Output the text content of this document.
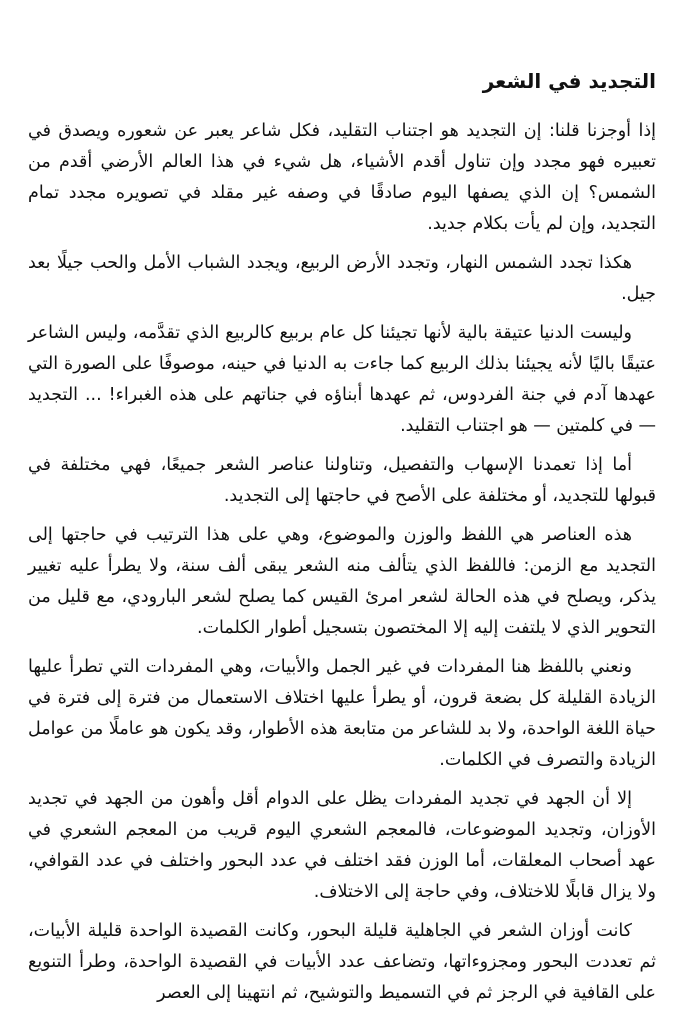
التجديد في الشعر

إذا أوجزنا قلنا: إن التجديد هو اجتناب التقليد، فكل شاعر يعبر عن شعوره ويصدق في تعبيره فهو مجدد وإن تناول أقدم الأشياء، هل شيء في هذا العالم الأرضي أقدم من الشمس؟ إن الذي يصفها اليوم صادقًا في وصفه غير مقلد في تصويره مجدد تمام التجديد، وإن لم يأت بكلام جديد.

هكذا تجدد الشمس النهار، وتجدد الأرض الربيع، ويجدد الشباب الأمل والحب جيلًا بعد جيل.

وليست الدنيا عتيقة بالية لأنها تجيئنا كل عام بربيع كالربيع الذي تقدَّمه، وليس الشاعر عتيقًا باليًا لأنه يجيئنا بذلك الربيع كما جاءت به الدنيا في حينه، موصوفًا على الصورة التي عهدها آدم في جنة الفردوس، ثم عهدها أبناؤه في جناتهم على هذه الغبراء! ... التجديد — في كلمتين — هو اجتناب التقليد.

أما إذا تعمدنا الإسهاب والتفصيل، وتناولنا عناصر الشعر جميعًا، فهي مختلفة في قبولها للتجديد، أو مختلفة على الأصح في حاجتها إلى التجديد.

هذه العناصر هي اللفظ والوزن والموضوع، وهي على هذا الترتيب في حاجتها إلى التجديد مع الزمن: فاللفظ الذي يتألف منه الشعر يبقى ألف سنة، ولا يطرأ عليه تغيير يذكر، ويصلح في هذه الحالة لشعر امرئ القيس كما يصلح لشعر البارودي، مع قليل من التحوير الذي لا يلتفت إليه إلا المختصون بتسجيل أطوار الكلمات.

ونعني باللفظ هنا المفردات في غير الجمل والأبيات، وهي المفردات التي تطرأ عليها الزيادة القليلة كل بضعة قرون، أو يطرأ عليها اختلاف الاستعمال من فترة إلى فترة في حياة اللغة الواحدة، ولا بد للشاعر من متابعة هذه الأطوار، وقد يكون هو عاملًا من عوامل الزيادة والتصرف في الكلمات.

إلا أن الجهد في تجديد المفردات يظل على الدوام أقل وأهون من الجهد في تجديد الأوزان، وتجديد الموضوعات، فالمعجم الشعري اليوم قريب من المعجم الشعري في عهد أصحاب المعلقات، أما الوزن فقد اختلف في عدد البحور واختلف في عدد القوافي، ولا يزال قابلًا للاختلاف، وفي حاجة إلى الاختلاف.

كانت أوزان الشعر في الجاهلية قليلة البحور، وكانت القصيدة الواحدة قليلة الأبيات، ثم تعددت البحور ومجزوءاتها، وتضاعف عدد الأبيات في القصيدة الواحدة، وطرأ التنويع على القافية في الرجز ثم في التسميط والتوشيح، ثم انتهينا إلى العصر
